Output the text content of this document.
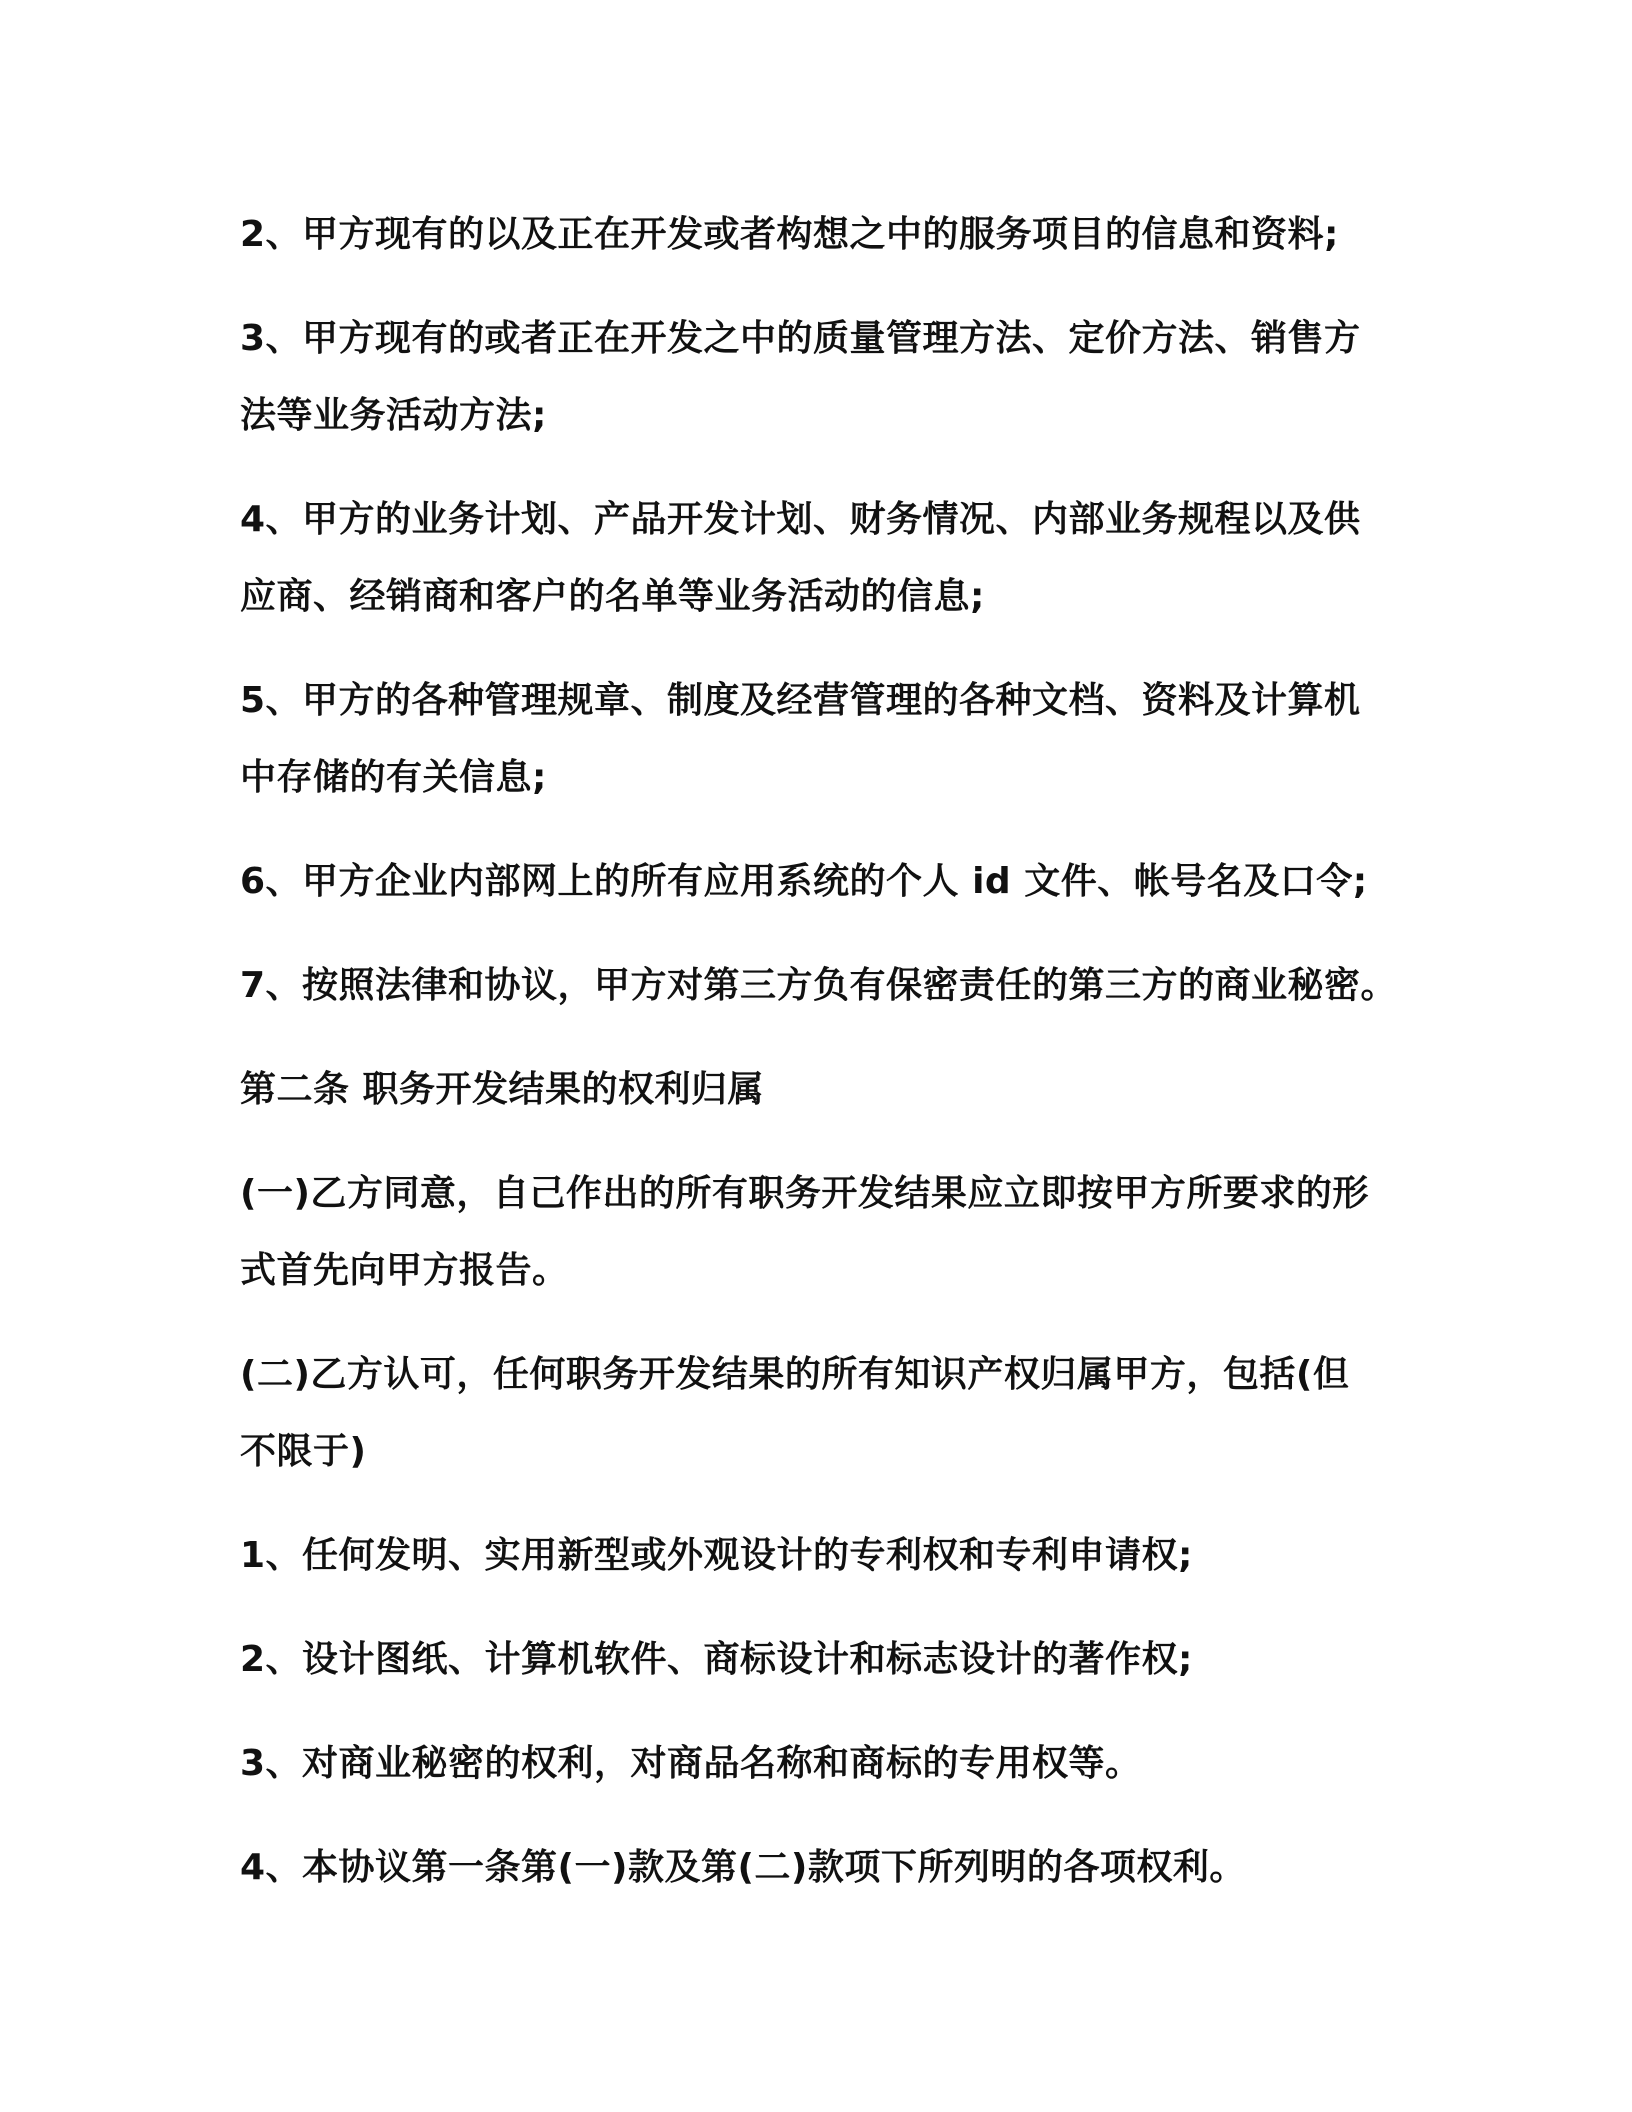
2、甲方现有的以及正在开发或者构想之中的服务项目的信息和资料;

3、甲方现有的或者正在开发之中的质量管理方法、定价方法、销售方
法等业务活动方法;

4、甲方的业务计划、产品开发计划、财务情况、内部业务规程以及供
应商、经销商和客户的名单等业务活动的信息;

5、甲方的各种管理规章、制度及经营管理的各种文档、资料及计算机
中存储的有关信息;

6、甲方企业内部网上的所有应用系统的个人 id 文件、帐号名及口令;

7、按照法律和协议，甲方对第三方负有保密责任的第三方的商业秘密。

第二条 职务开发结果的权利归属

(一)乙方同意，自己作出的所有职务开发结果应立即按甲方所要求的形
式首先向甲方报告。

(二)乙方认可，任何职务开发结果的所有知识产权归属甲方，包括(但
不限于)

1、任何发明、实用新型或外观设计的专利权和专利申请权;

2、设计图纸、计算机软件、商标设计和标志设计的著作权;

3、对商业秘密的权利，对商品名称和商标的专用权等。

4、本协议第一条第(一)款及第(二)款项下所列明的各项权利。
